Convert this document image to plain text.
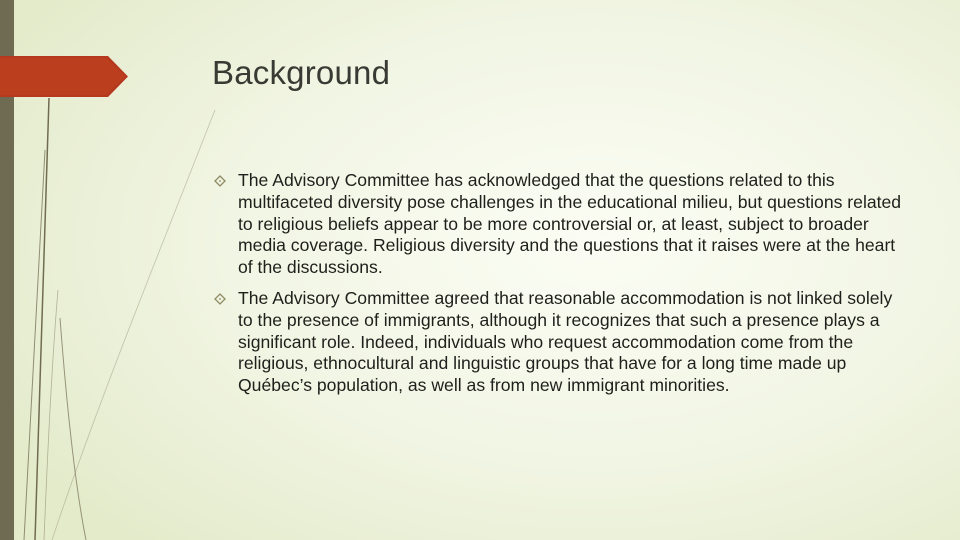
Background
The Advisory Committee has acknowledged that the questions related to this multifaceted diversity pose challenges in the educational milieu, but questions related to religious beliefs appear to be more controversial or, at least, subject to broader media coverage. Religious diversity and the questions that it raises were at the heart of the discussions.
The Advisory Committee agreed that reasonable accommodation is not linked solely to the presence of immigrants, although it recognizes that such a presence plays a significant role. Indeed, individuals who request accommodation come from the religious, ethnocultural and linguistic groups that have for a long time made up Québec’s population, as well as from new immigrant minorities.
